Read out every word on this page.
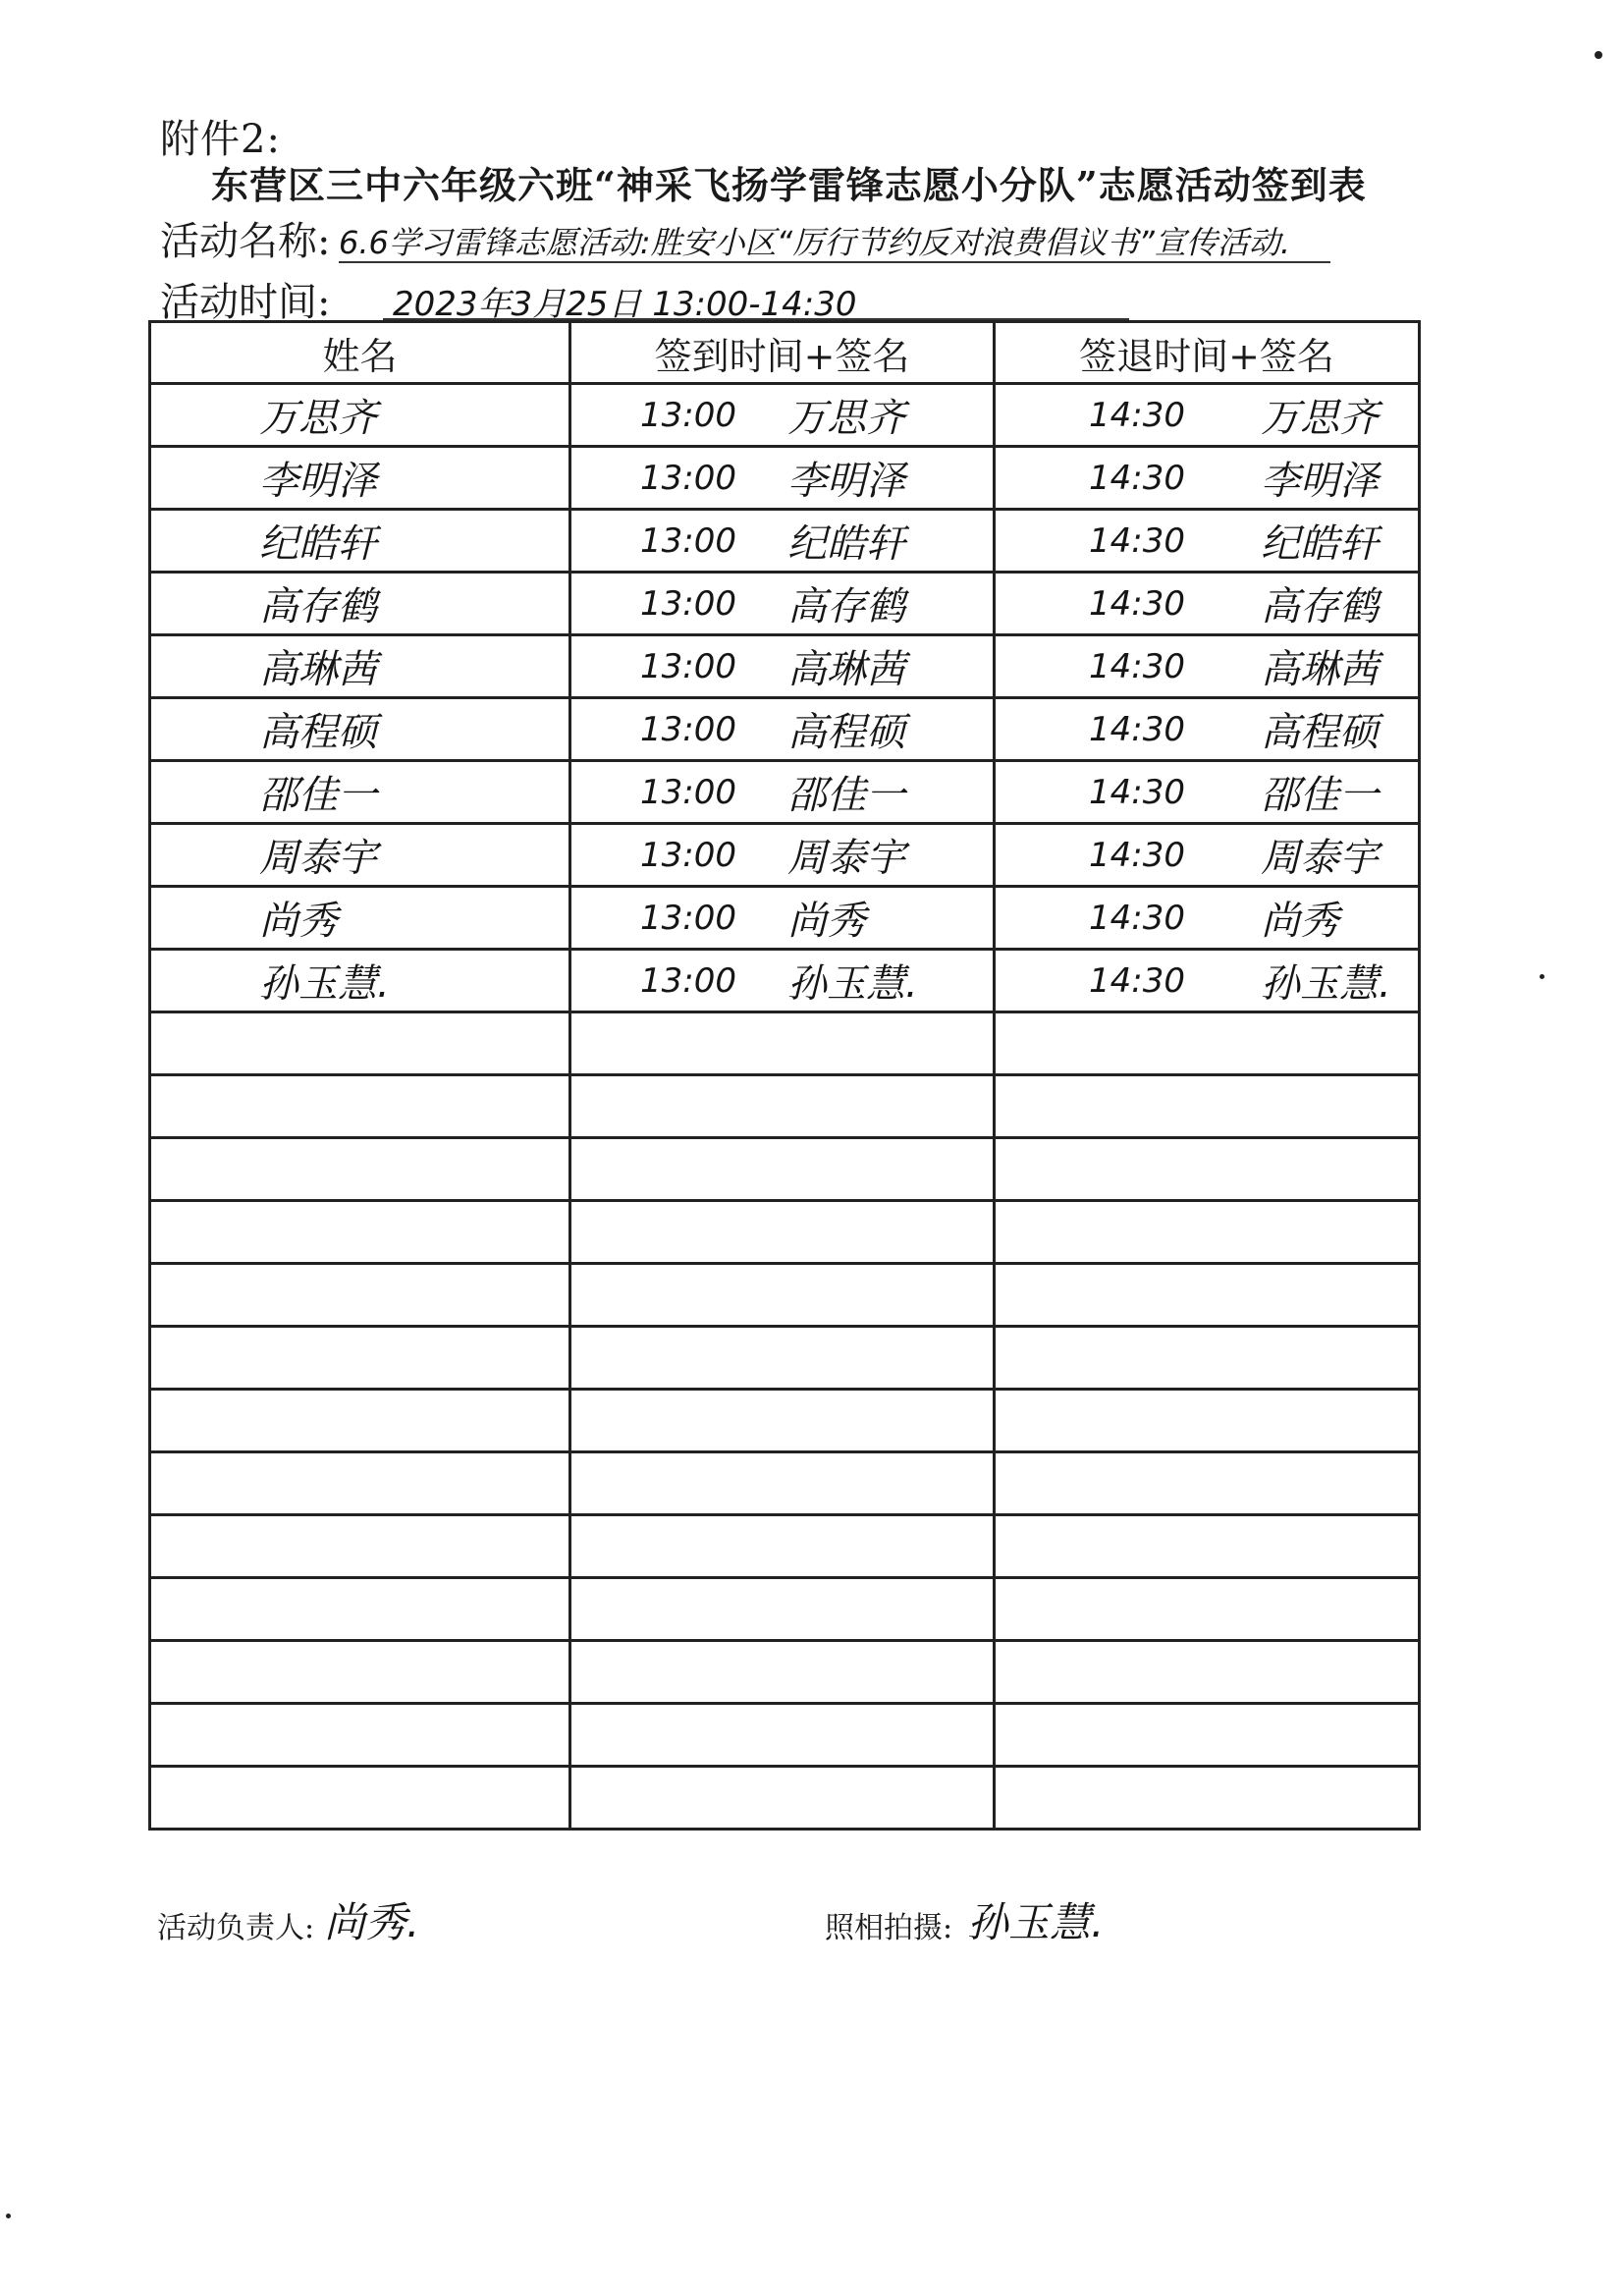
附件2:
东营区三中六年级六班“神采飞扬学雷锋志愿小分队”志愿活动签到表
活动名称: 6.6学习雷锋志愿活动:胜安小区“厉行节约反对浪费倡议书”宣传活动.
活动时间: 2023年3月25日 13:00-14:30
姓名	签到时间+签名	签退时间+签名
万思齐	13:00 万思齐	14:30 万思齐

李明泽	13:00 李明泽	14:30 李明泽

纪皓轩	13:00 纪皓轩	14:30 纪皓轩

高存鹤	13:00 高存鹤	14:30 高存鹤

高琳茜	13:00 高琳茜	14:30 高琳茜

高程硕	13:00 高程硕	14:30 高程硕

邵佳一	13:00 邵佳一	14:30 邵佳一

周泰宇	13:00 周泰宇	14:30 周泰宇

尚秀	13:00 尚秀	14:30 尚秀

孙玉慧.	13:00 孙玉慧.	14:30 孙玉慧.

活动负责人: 尚秀.	照相拍摄: 孙玉慧.
